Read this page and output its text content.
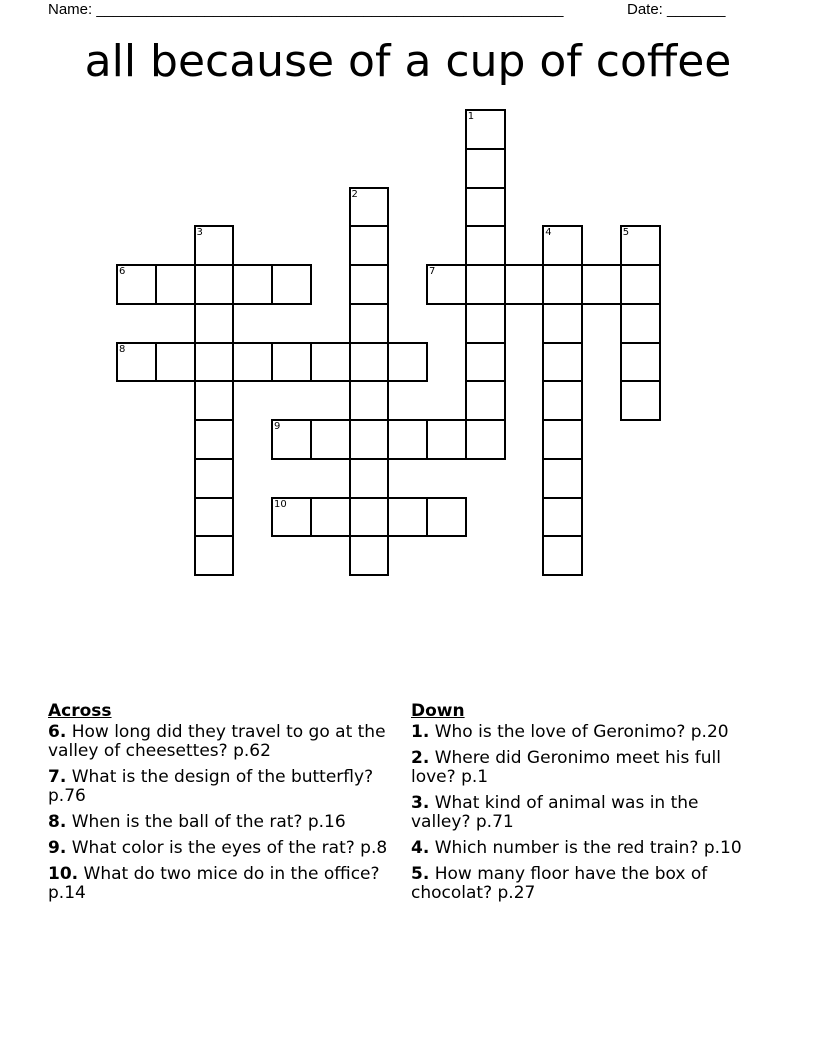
Name: ________________________________________________________	Date: _______
all because of a cup of coffee
1
2
3	4	5
6	7
8
9
10
Across
6. How long did they travel to go at the valley of cheesettes? p.62
7. What is the design of the butterfly? p.76
8. When is the ball of the rat? p.16
9. What color is the eyes of the rat? p.8
10. What do two mice do in the office? p.14
Down
1. Who is the love of Geronimo? p.20
2. Where did Geronimo meet his full love? p.1
3. What kind of animal was in the valley? p.71
4. Which number is the red train? p.10
5. How many floor have the box of chocolat? p.27
